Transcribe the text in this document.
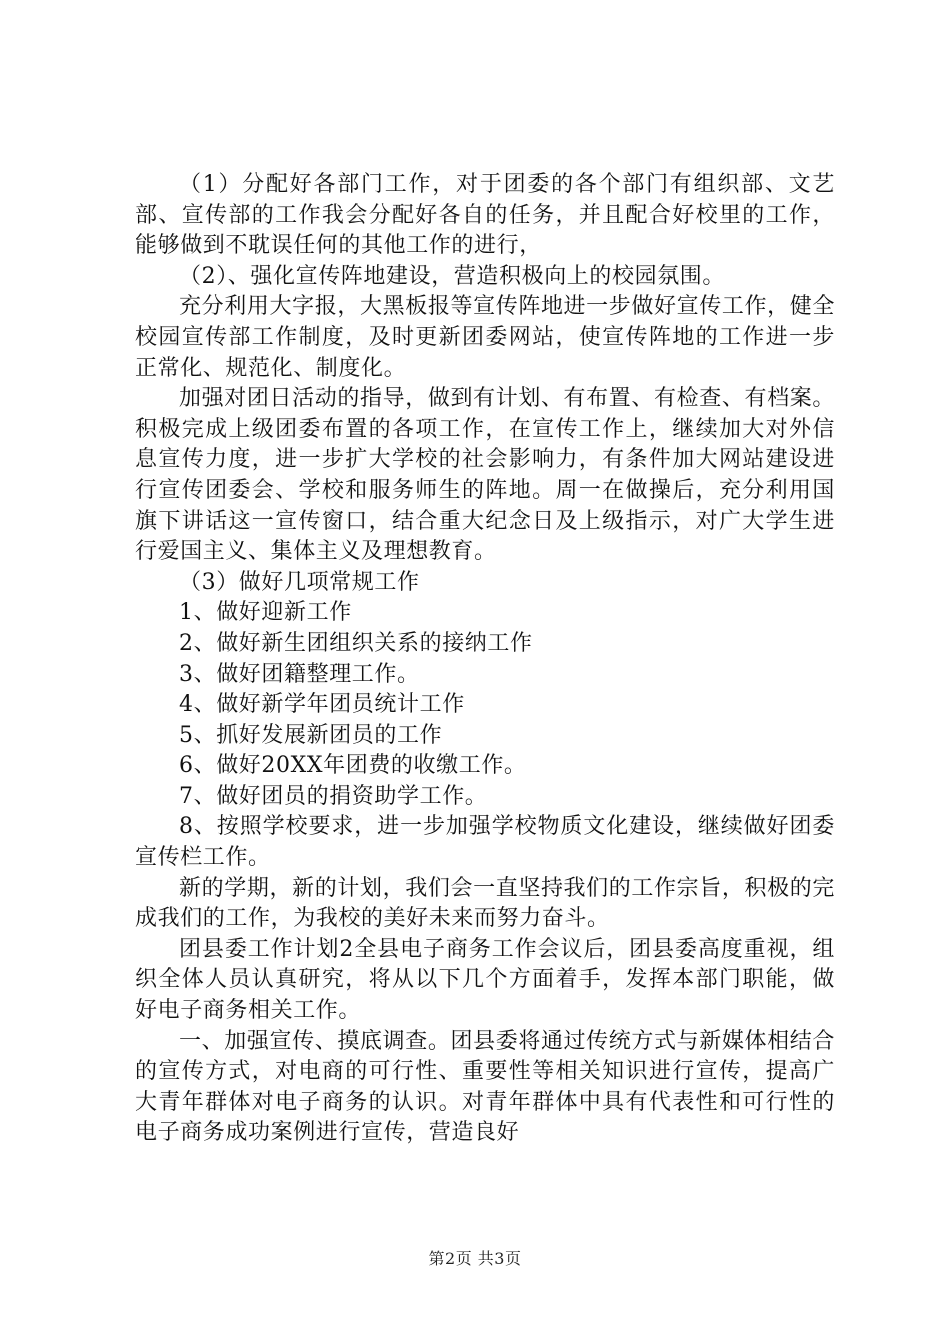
（1）分配好各部门工作，对于团委的各个部门有组织部、文艺部、宣传部的工作我会分配好各自的任务，并且配合好校里的工作，能够做到不耽误任何的其他工作的进行，

（2）、强化宣传阵地建设，营造积极向上的校园氛围。

充分利用大字报，大黑板报等宣传阵地进一步做好宣传工作，健全校园宣传部工作制度，及时更新团委网站，使宣传阵地的工作进一步正常化、规范化、制度化。

加强对团日活动的指导，做到有计划、有布置、有检查、有档案。积极完成上级团委布置的各项工作，在宣传工作上，继续加大对外信息宣传力度，进一步扩大学校的社会影响力，有条件加大网站建设进行宣传团委会、学校和服务师生的阵地。周一在做操后，充分利用国旗下讲话这一宣传窗口，结合重大纪念日及上级指示，对广大学生进行爱国主义、集体主义及理想教育。

（3）做好几项常规工作

1、做好迎新工作

2、做好新生团组织关系的接纳工作

3、做好团籍整理工作。

4、做好新学年团员统计工作

5、抓好发展新团员的工作

6、做好20XX年团费的收缴工作。

7、做好团员的捐资助学工作。

8、按照学校要求，进一步加强学校物质文化建设，继续做好团委宣传栏工作。

新的学期，新的计划，我们会一直坚持我们的工作宗旨，积极的完成我们的工作，为我校的美好未来而努力奋斗。

团县委工作计划2全县电子商务工作会议后，团县委高度重视，组织全体人员认真研究，将从以下几个方面着手，发挥本部门职能，做好电子商务相关工作。

一、加强宣传、摸底调查。团县委将通过传统方式与新媒体相结合的宣传方式，对电商的可行性、重要性等相关知识进行宣传，提高广大青年群体对电子商务的认识。对青年群体中具有代表性和可行性的电子商务成功案例进行宣传，营造良好

第2页 共3页
